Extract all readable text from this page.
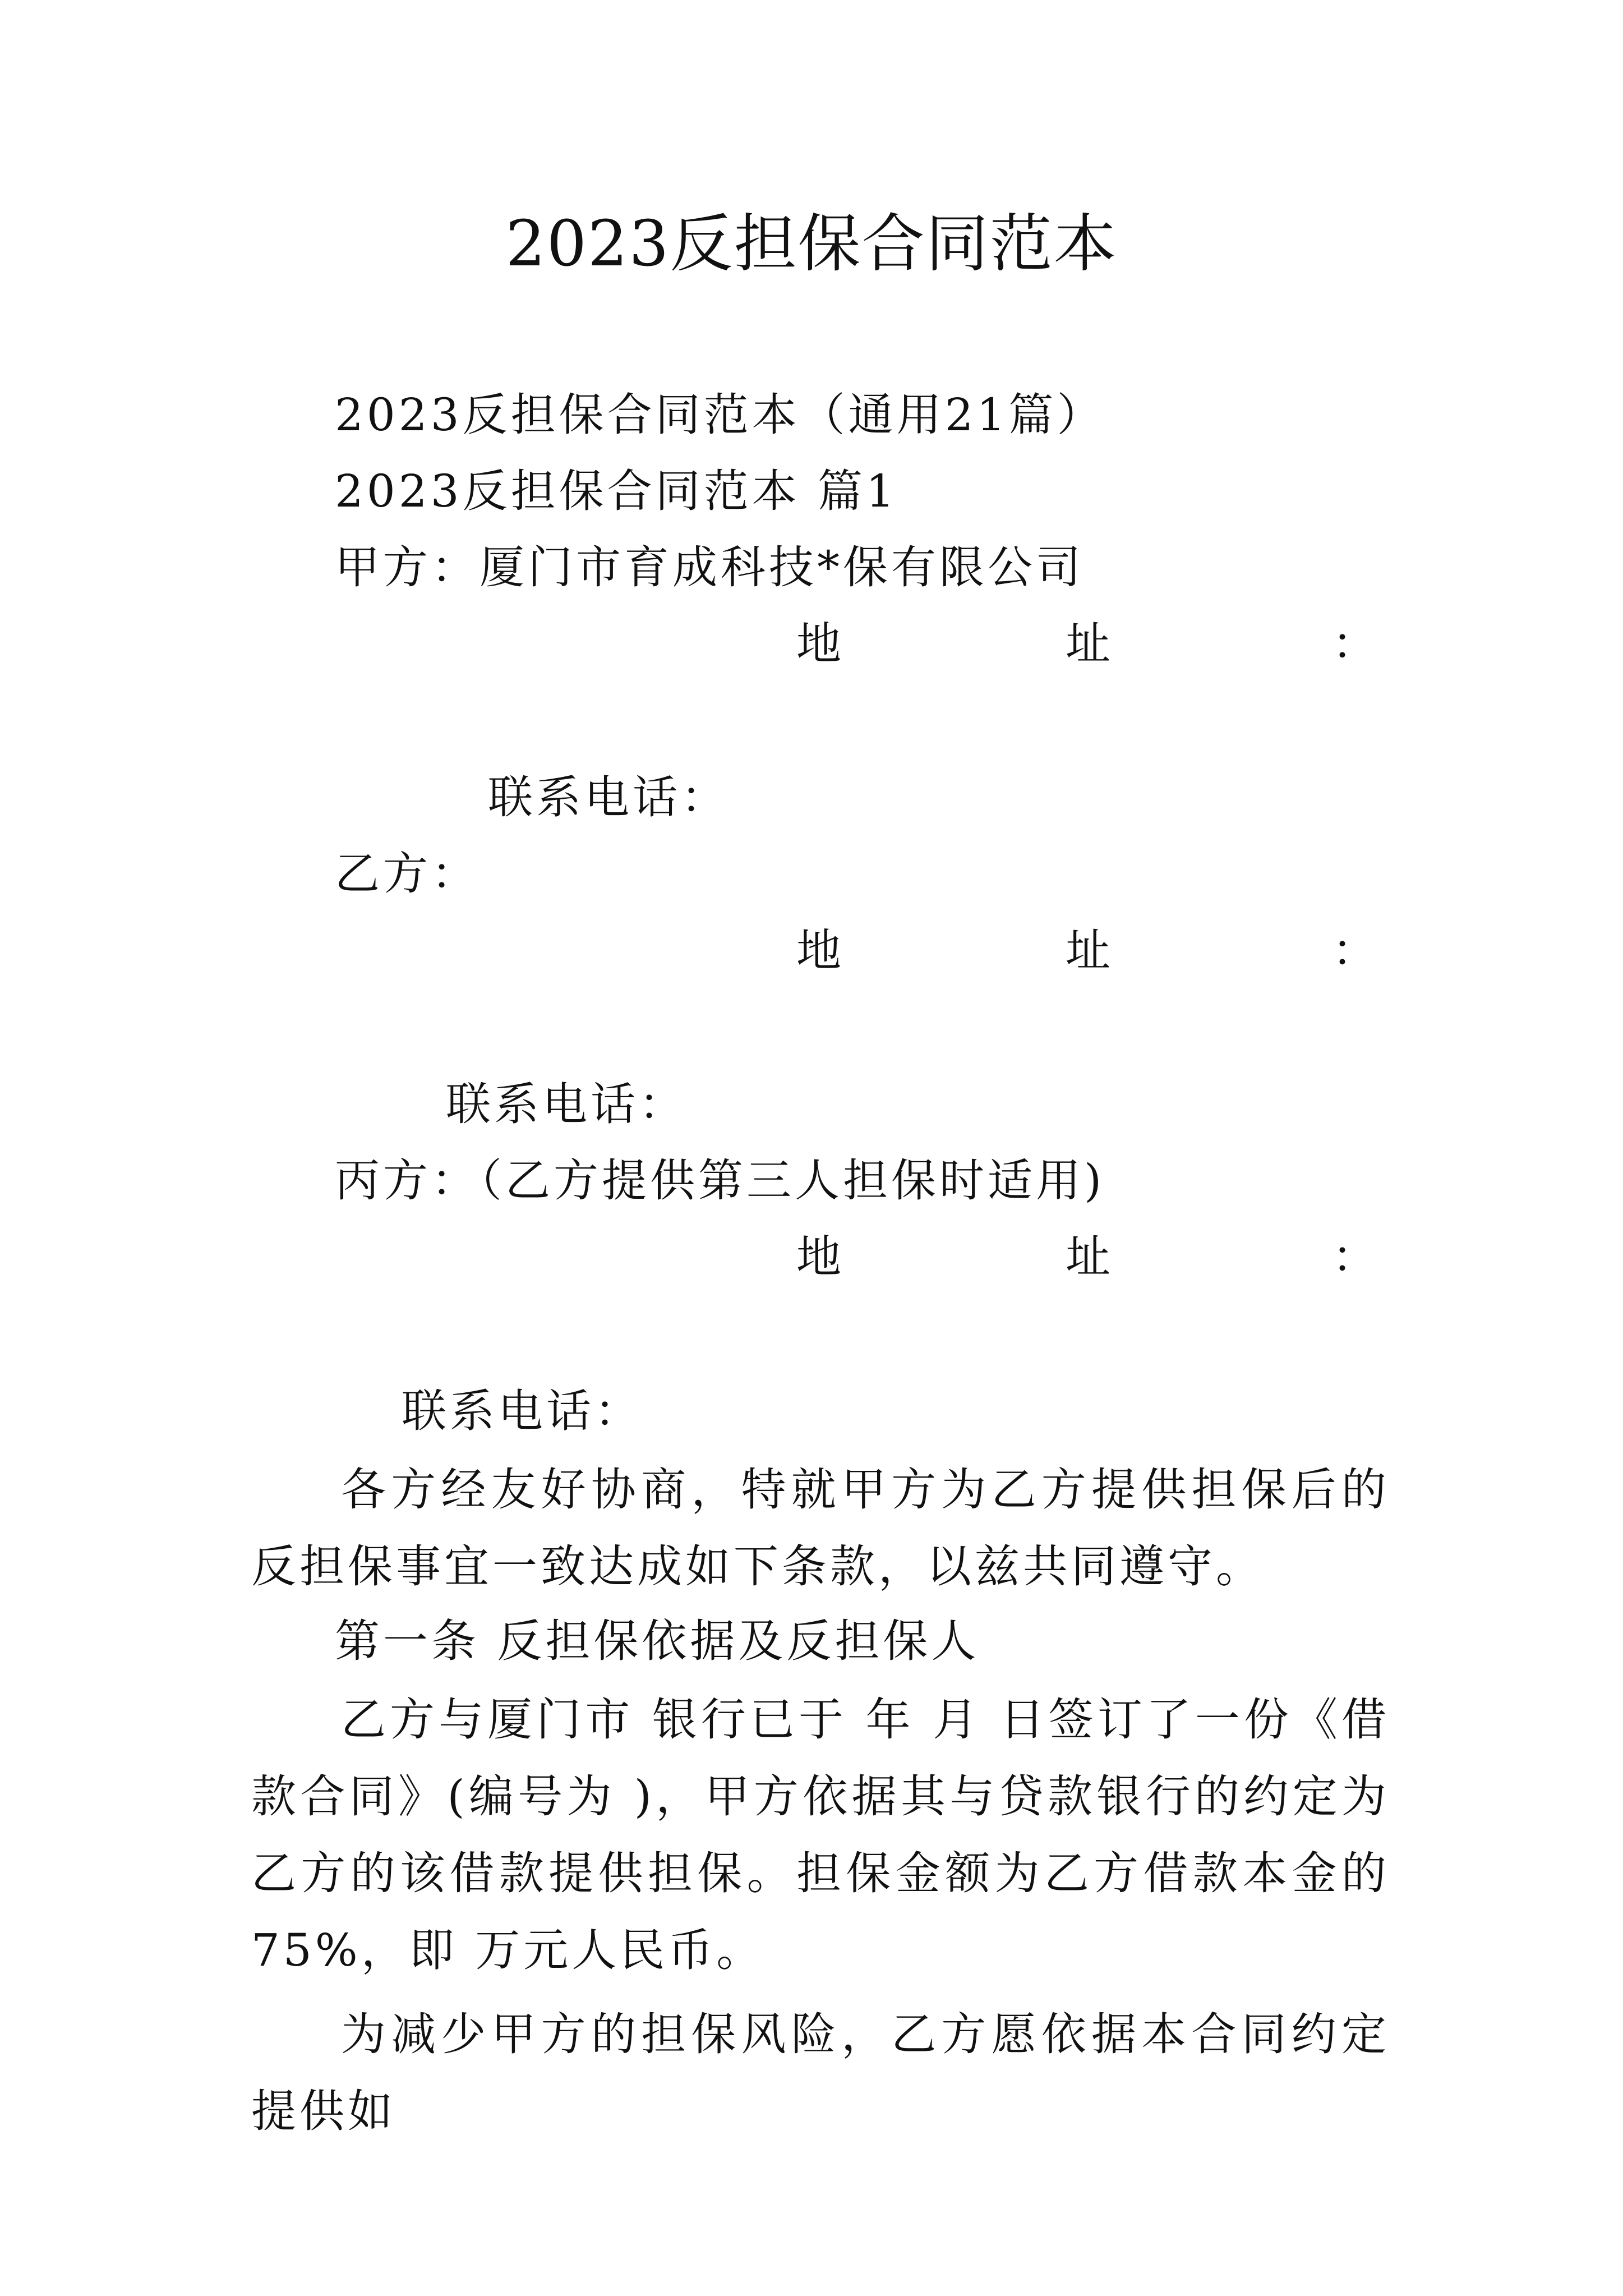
2023反担保合同范本
2023反担保合同范本（通用21篇）
2023反担保合同范本 篇1
甲方：厦门市育成科技*保有限公司
地	址	：
联系电话：
乙方：
地	址	：
联系电话：
丙方：（乙方提供第三人担保时适用)
地	址	：
联系电话：
各方经友好协商，特就甲方为乙方提供担保后的反担保事宜一致达成如下条款，以兹共同遵守。
第一条 反担保依据及反担保人
乙方与厦门市 银行已于 年 月 日签订了一份《借款合同》(编号为 )，甲方依据其与贷款银行的约定为乙方的该借款提供担保。担保金额为乙方借款本金的75%，即 万元人民币。
为减少甲方的担保风险，乙方愿依据本合同约定提供如
